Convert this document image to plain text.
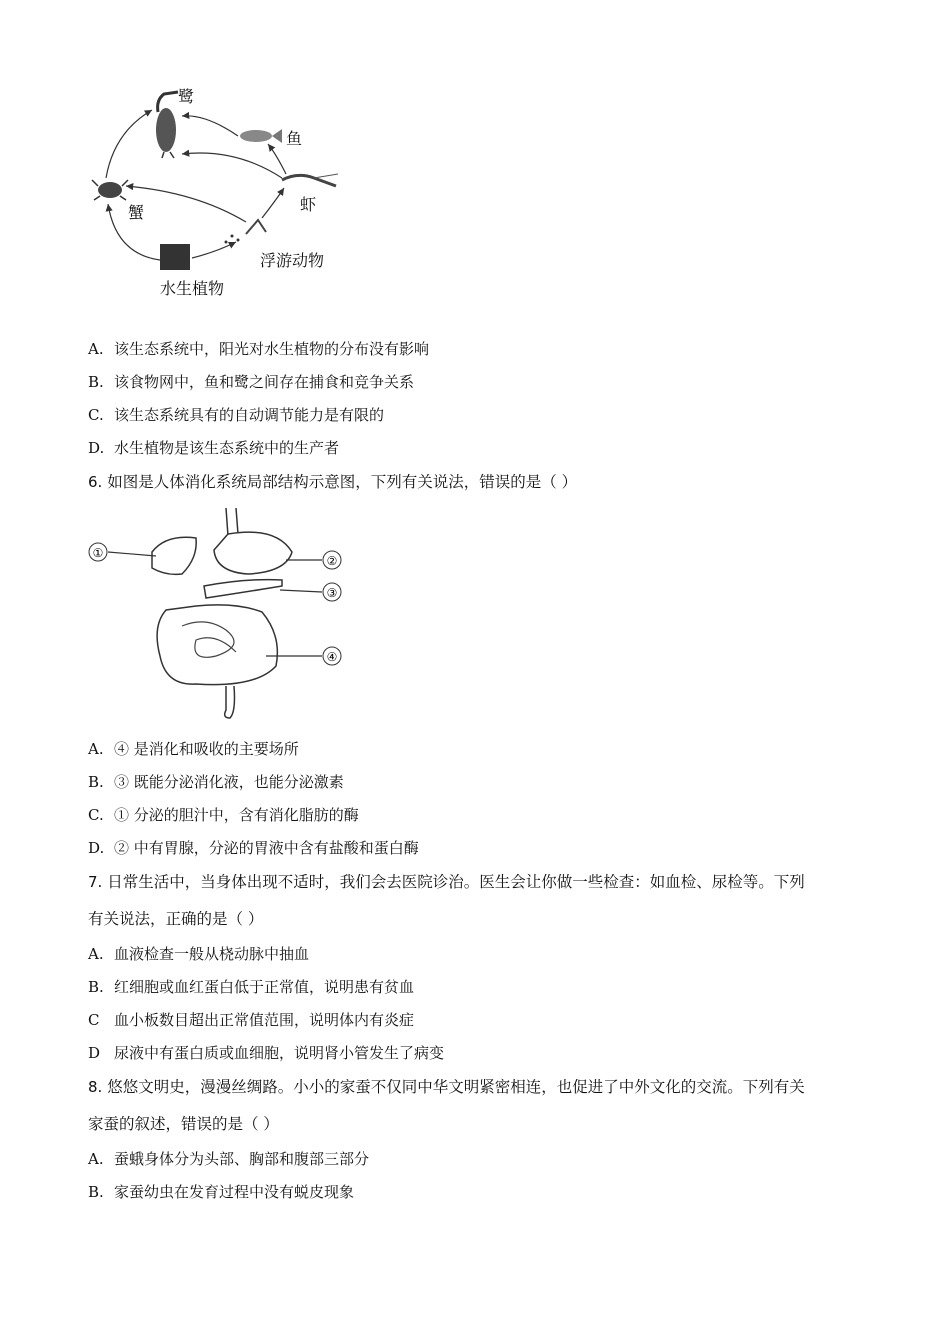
鹭
鱼
蟹	虾
浮游动物
水生植物
A. 该生态系统中，阳光对水生植物的分布没有影响
B. 该食物网中，鱼和鹭之间存在捕食和竞争关系
C. 该生态系统具有的自动调节能力是有限的
D. 水生植物是该生态系统中的生产者
6. 如图是人体消化系统局部结构示意图，下列有关说法，错误的是（ ）
①
②
③
④
A. ④ 是消化和吸收的主要场所
B. ③ 既能分泌消化液，也能分泌激素
C. ① 分泌的胆汁中，含有消化脂肪的酶
D. ② 中有胃腺，分泌的胃液中含有盐酸和蛋白酶
7. 日常生活中，当身体出现不适时，我们会去医院诊治。医生会让你做一些检查：如血检、尿检等。下列
有关说法，正确的是（ ）
A. 血液检查一般从桡动脉中抽血
B. 红细胞或血红蛋白低于正常值，说明患有贫血
C 血小板数目超出正常值范围，说明体内有炎症
D 尿液中有蛋白质或血细胞，说明肾小管发生了病变
8. 悠悠文明史，漫漫丝绸路。小小的家蚕不仅同中华文明紧密相连，也促进了中外文化的交流。下列有关
家蚕的叙述，错误的是（ ）
A. 蚕蛾身体分为头部、胸部和腹部三部分
B. 家蚕幼虫在发育过程中没有蜕皮现象
